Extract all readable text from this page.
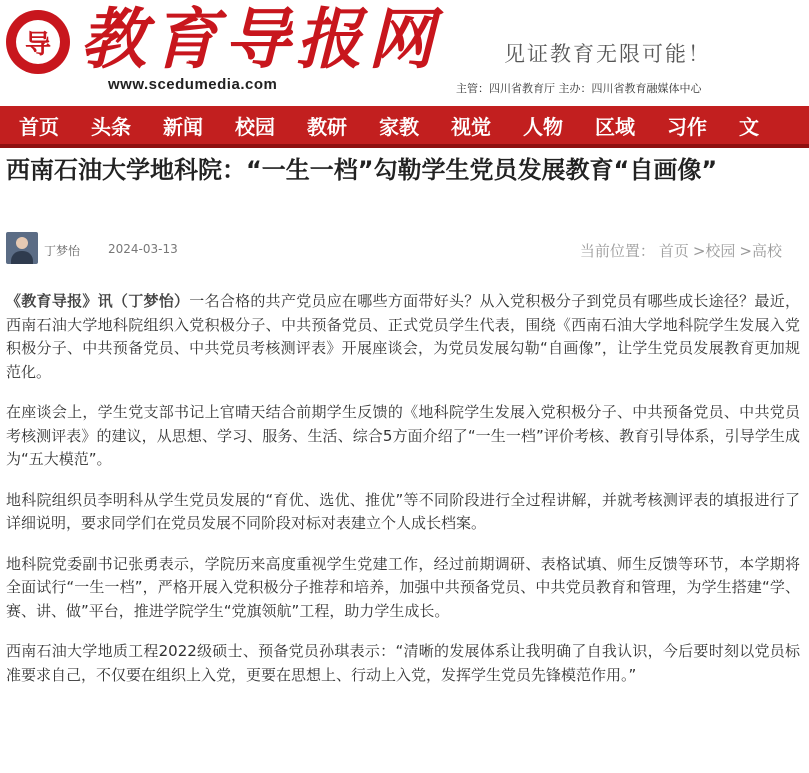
导 教育导报网
www.scedumedia.com
见证教育无限可能！
主管：四川省教育厅 主办：四川省教育融媒体中心
首页 头条 新闻 校园 教研 家教 视觉 人物 区域 习作 文
西南石油大学地科院：“一生一档”勾勒学生党员发展教育“自画像”
丁梦怡 2024-03-13	当前位置： 首页 >校园 >高校

《教育导报》讯（丁梦怡）一名合格的共产党员应在哪些方面带好头？从入党积极分子到党员有哪些成长途径？最近，西南石油大学地科院组织入党积极分子、中共预备党员、正式党员学生代表，围绕《西南石油大学地科院学生发展入党积极分子、中共预备党员、中共党员考核测评表》开展座谈会，为党员发展勾勒“自画像”，让学生党员发展教育更加规范化。

在座谈会上，学生党支部书记上官晴天结合前期学生反馈的《地科院学生发展入党积极分子、中共预备党员、中共党员考核测评表》的建议，从思想、学习、服务、生活、综合5方面介绍了“一生一档”评价考核、教育引导体系，引导学生成为“五大模范”。

地科院组织员李明科从学生党员发展的“育优、选优、推优”等不同阶段进行全过程讲解，并就考核测评表的填报进行了详细说明，要求同学们在党员发展不同阶段对标对表建立个人成长档案。

地科院党委副书记张勇表示，学院历来高度重视学生党建工作，经过前期调研、表格试填、师生反馈等环节，本学期将全面试行“一生一档”，严格开展入党积极分子推荐和培养，加强中共预备党员、中共党员教育和管理，为学生搭建“学、赛、讲、做”平台，推进学院学生“党旗领航”工程，助力学生成长。

西南石油大学地质工程2022级硕士、预备党员孙琪表示：“清晰的发展体系让我明确了自我认识，今后要时刻以党员标准要求自己，不仅要在组织上入党，更要在思想上、行动上入党，发挥学生党员先锋模范作用。”
